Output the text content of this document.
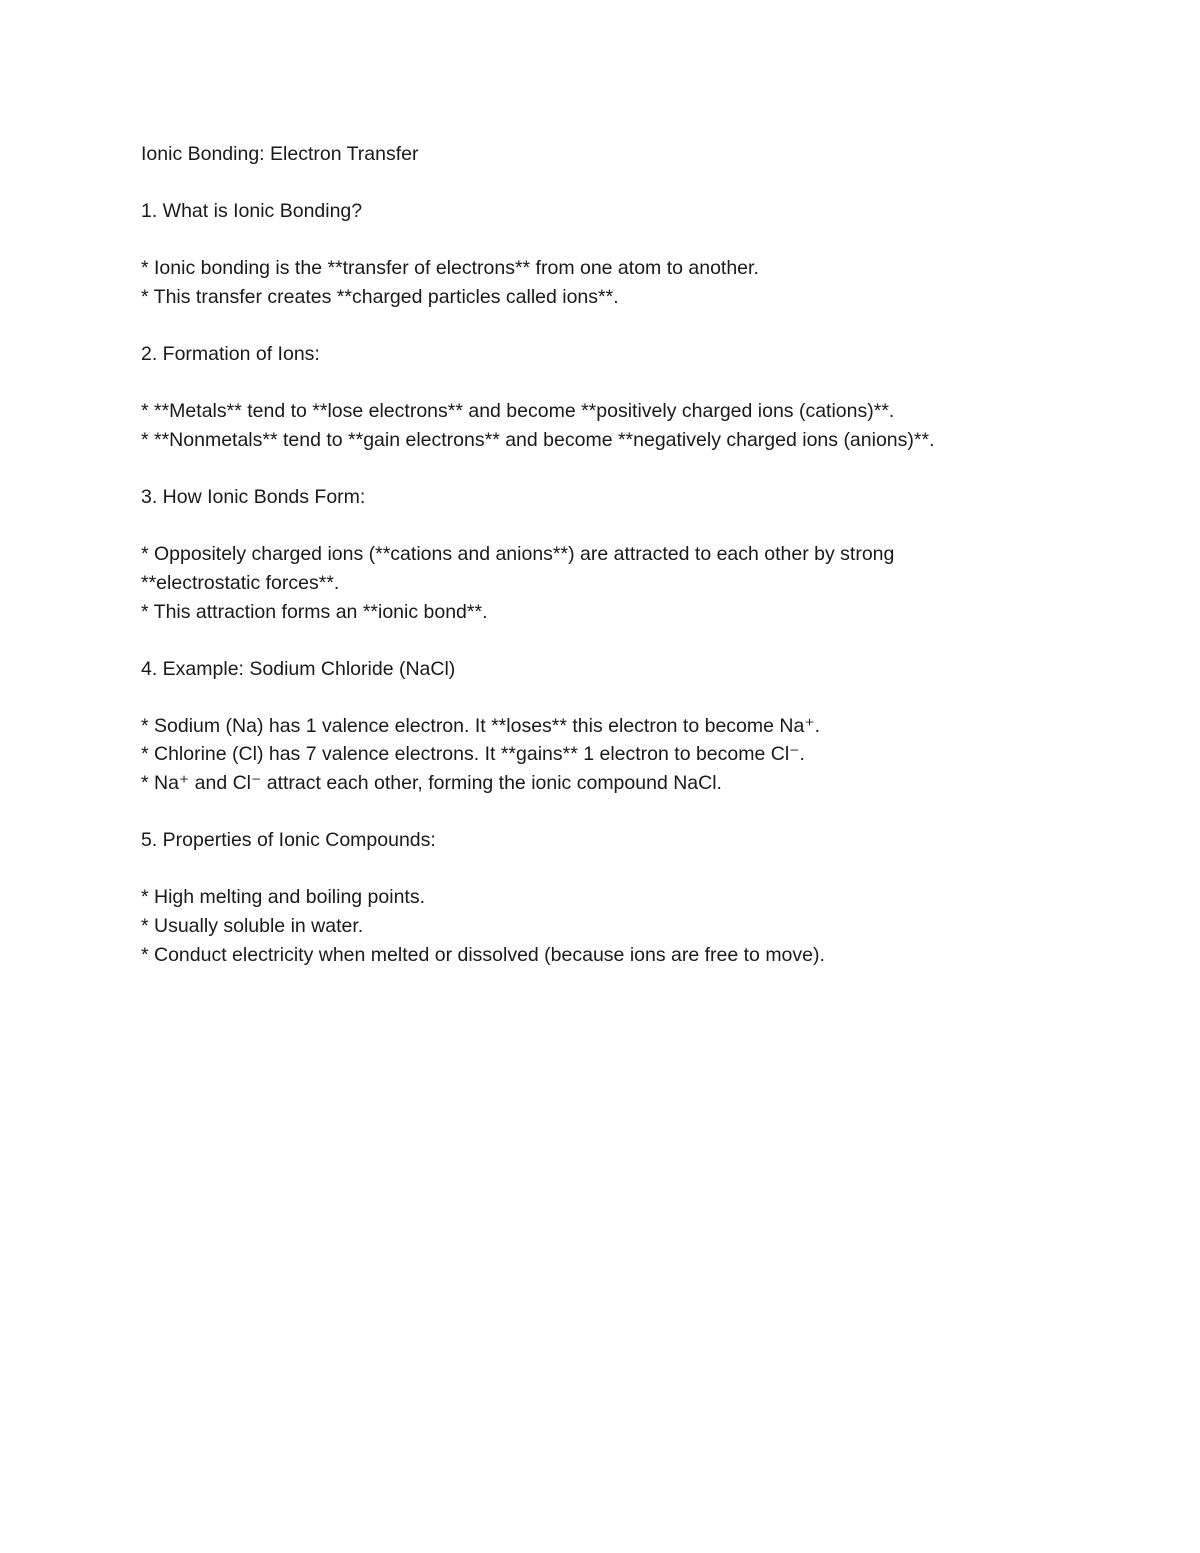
Ionic Bonding: Electron Transfer
1. What is Ionic Bonding?
* Ionic bonding is the **transfer of electrons** from one atom to another.
* This transfer creates **charged particles called ions**.
2. Formation of Ions:
* **Metals** tend to **lose electrons** and become **positively charged ions (cations)**.
* **Nonmetals** tend to **gain electrons** and become **negatively charged ions (anions)**.
3. How Ionic Bonds Form:
* Oppositely charged ions (**cations and anions**) are attracted to each other by strong
**electrostatic forces**.
* This attraction forms an **ionic bond**.
4. Example: Sodium Chloride (NaCl)
* Sodium (Na) has 1 valence electron. It **loses** this electron to become Na⁺.
* Chlorine (Cl) has 7 valence electrons. It **gains** 1 electron to become Cl⁻.
* Na⁺ and Cl⁻ attract each other, forming the ionic compound NaCl.
5. Properties of Ionic Compounds:
* High melting and boiling points.
* Usually soluble in water.
* Conduct electricity when melted or dissolved (because ions are free to move).
